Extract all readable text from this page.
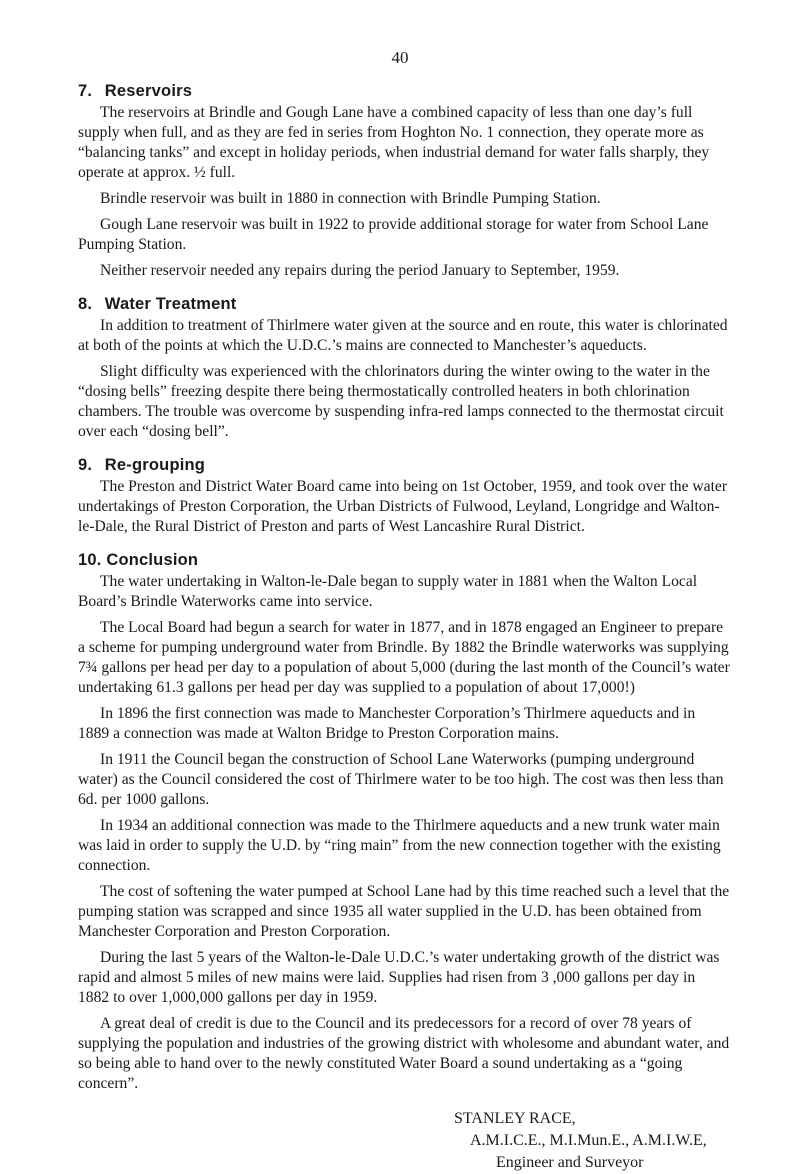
40
7. Reservoirs

The reservoirs at Brindle and Gough Lane have a combined capacity of less than one day’s full supply when full, and as they are fed in series from Hoghton No. 1 connection, they operate more as “balancing tanks” and except in holiday periods, when industrial demand for water falls sharply, they operate at approx. ½ full.

Brindle reservoir was built in 1880 in connection with Brindle Pumping Station.

Gough Lane reservoir was built in 1922 to provide additional storage for water from School Lane Pumping Station.

Neither reservoir needed any repairs during the period January to September, 1959.

8. Water Treatment

In addition to treatment of Thirlmere water given at the source and en route, this water is chlorinated at both of the points at which the U.D.C.’s mains are connected to Manchester’s aqueducts.

Slight difficulty was experienced with the chlorinators during the winter owing to the water in the “dosing bells” freezing despite there being thermostatically controlled heaters in both chlorination chambers. The trouble was overcome by suspending infra-red lamps connected to the thermostat circuit over each “dosing bell”.

9. Re-grouping

The Preston and District Water Board came into being on 1st October, 1959, and took over the water undertakings of Preston Corporation, the Urban Districts of Fulwood, Leyland, Longridge and Walton-le-Dale, the Rural District of Preston and parts of West Lancashire Rural District.

10. Conclusion

The water undertaking in Walton-le-Dale began to supply water in 1881 when the Walton Local Board’s Brindle Waterworks came into service.

The Local Board had begun a search for water in 1877, and in 1878 engaged an Engineer to prepare a scheme for pumping underground water from Brindle. By 1882 the Brindle waterworks was supplying 7¾ gallons per head per day to a population of about 5,000 (during the last month of the Council’s water undertaking 61.3 gallons per head per day was supplied to a population of about 17,000!)

In 1896 the first connection was made to Manchester Corporation’s Thirlmere aqueducts and in 1889 a connection was made at Walton Bridge to Preston Corporation mains.

In 1911 the Council began the construction of School Lane Waterworks (pumping underground water) as the Council considered the cost of Thirlmere water to be too high. The cost was then less than 6d. per 1000 gallons.

In 1934 an additional connection was made to the Thirlmere aqueducts and a new trunk water main was laid in order to supply the U.D. by “ring main” from the new connection together with the existing connection.

The cost of softening the water pumped at School Lane had by this time reached such a level that the pumping station was scrapped and since 1935 all water supplied in the U.D. has been obtained from Manchester Corporation and Preston Corporation.

During the last 5 years of the Walton-le-Dale U.D.C.’s water undertaking growth of the district was rapid and almost 5 miles of new mains were laid. Supplies had risen from 3 ,000 gallons per day in 1882 to over 1,000,000 gallons per day in 1959.

A great deal of credit is due to the Council and its predecessors for a record of over 78 years of supplying the population and industries of the growing district with wholesome and abundant water, and so being able to hand over to the newly constituted Water Board a sound undertaking as a “going concern”.

STANLEY RACE,
A.M.I.C.E., M.I.Mun.E., A.M.I.W.E,
Engineer and Surveyor
